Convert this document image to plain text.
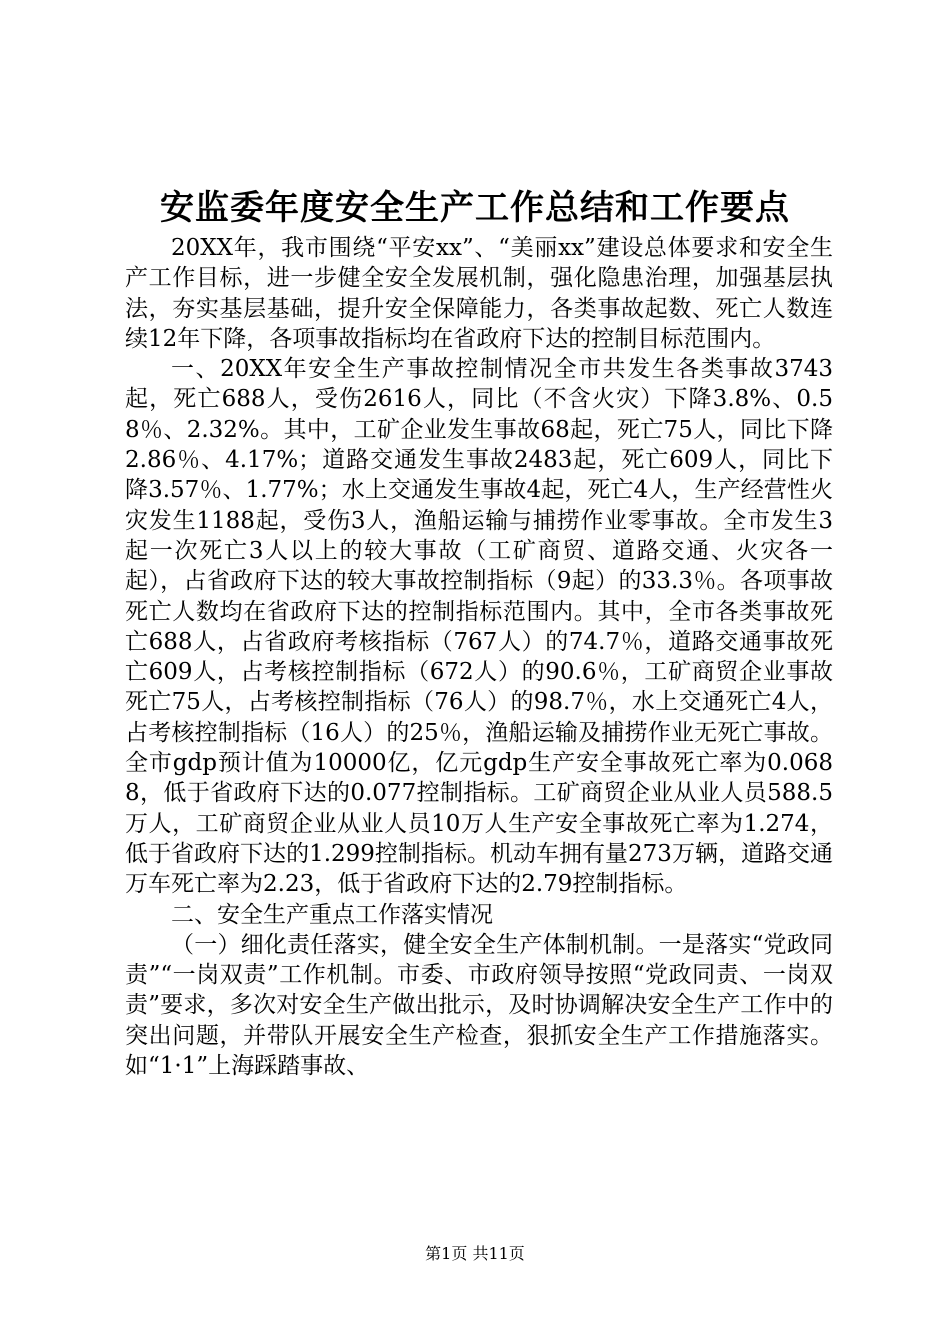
安监委年度安全生产工作总结和工作要点

20XX年，我市围绕“平安xx”、“美丽xx”建设总体要求和安全生产工作目标，进一步健全安全发展机制，强化隐患治理，加强基层执法，夯实基层基础，提升安全保障能力，各类事故起数、死亡人数连续12年下降，各项事故指标均在省政府下达的控制目标范围内。

一、20XX年安全生产事故控制情况全市共发生各类事故3743起，死亡688人，受伤2616人，同比（不含火灾）下降3.8%、0.58％、2.32%。其中，工矿企业发生事故68起，死亡75人，同比下降2.86％、4.17%；道路交通发生事故2483起，死亡609人，同比下降3.57％、1.77%；水上交通发生事故4起，死亡4人，生产经营性火灾发生1188起，受伤3人，渔船运输与捕捞作业零事故。全市发生3起一次死亡3人以上的较大事故（工矿商贸、道路交通、火灾各一起），占省政府下达的较大事故控制指标（9起）的33.3％。各项事故死亡人数均在省政府下达的控制指标范围内。其中，全市各类事故死亡688人，占省政府考核指标（767人）的74.7％，道路交通事故死亡609人，占考核控制指标（672人）的90.6％，工矿商贸企业事故死亡75人，占考核控制指标（76人）的98.7％，水上交通死亡4人，占考核控制指标（16人）的25％，渔船运输及捕捞作业无死亡事故。全市gdp预计值为10000亿，亿元gdp生产安全事故死亡率为0.0688，低于省政府下达的0.077控制指标。工矿商贸企业从业人员588.5万人，工矿商贸企业从业人员10万人生产安全事故死亡率为1.274，低于省政府下达的1.299控制指标。机动车拥有量273万辆，道路交通万车死亡率为2.23，低于省政府下达的2.79控制指标。

二、安全生产重点工作落实情况

（一）细化责任落实，健全安全生产体制机制。一是落实“党政同责”“一岗双责”工作机制。市委、市政府领导按照“党政同责、一岗双责”要求，多次对安全生产做出批示，及时协调解决安全生产工作中的突出问题，并带队开展安全生产检查，狠抓安全生产工作措施落实。如“1·1”上海踩踏事故、

第1页 共11页
